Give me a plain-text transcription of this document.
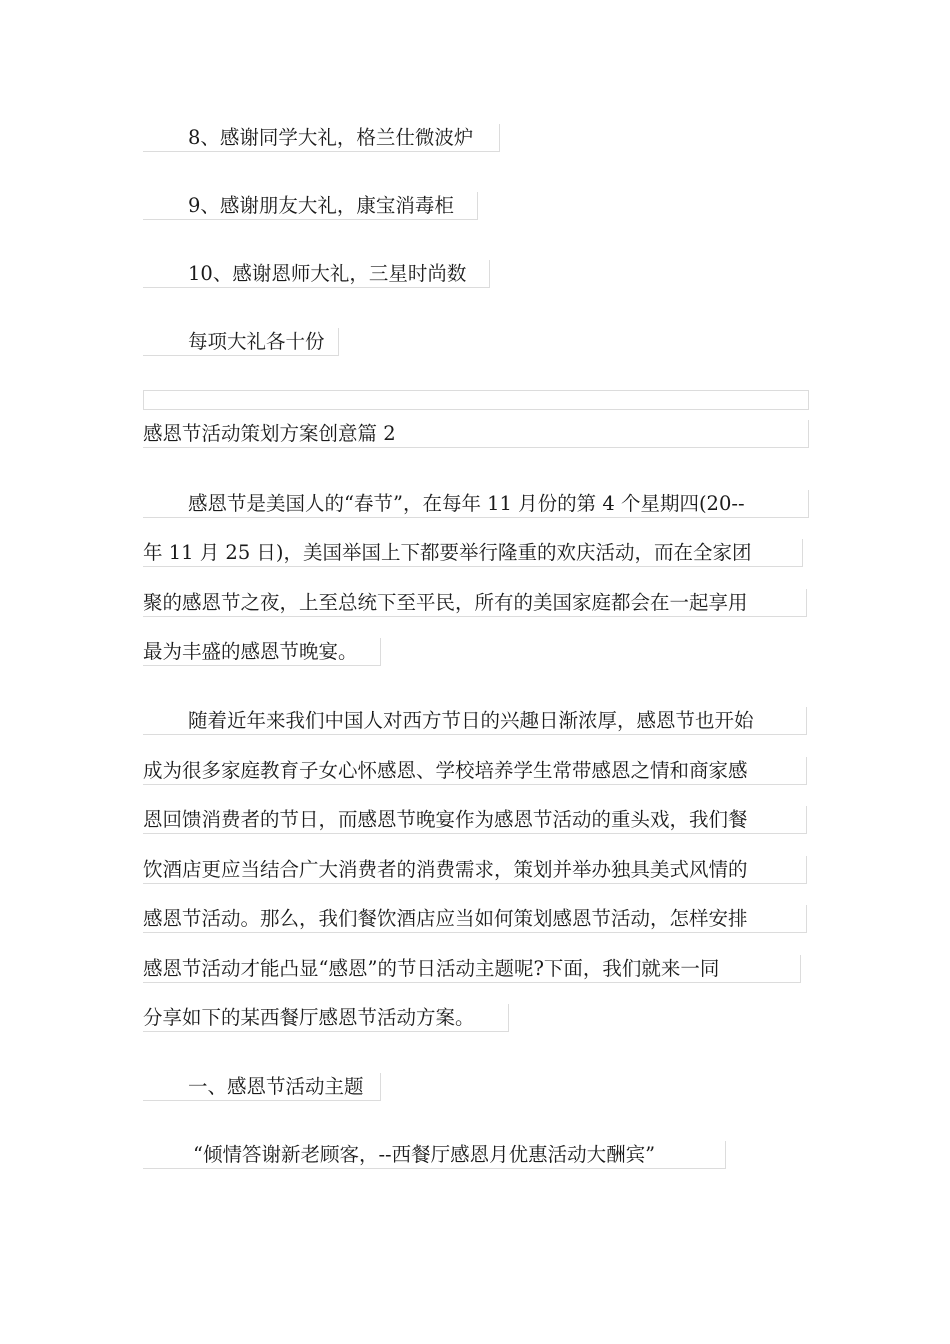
8、感谢同学大礼，格兰仕微波炉
9、感谢朋友大礼，康宝消毒柜
10、感谢恩师大礼，三星时尚数
每项大礼各十份
感恩节活动策划方案创意篇 2
感恩节是美国人的“春节”，在每年 11 月份的第 4 个星期四(20--
年 11 月 25 日)，美国举国上下都要举行隆重的欢庆活动，而在全家团
聚的感恩节之夜，上至总统下至平民，所有的美国家庭都会在一起享用
最为丰盛的感恩节晚宴。
随着近年来我们中国人对西方节日的兴趣日渐浓厚，感恩节也开始
成为很多家庭教育子女心怀感恩、学校培养学生常带感恩之情和商家感
恩回馈消费者的节日，而感恩节晚宴作为感恩节活动的重头戏，我们餐
饮酒店更应当结合广大消费者的消费需求，策划并举办独具美式风情的
感恩节活动。那么，我们餐饮酒店应当如何策划感恩节活动，怎样安排
感恩节活动才能凸显“感恩”的节日活动主题呢?下面，我们就来一同
分享如下的某西餐厅感恩节活动方案。
一、感恩节活动主题
“倾情答谢新老顾客，--西餐厅感恩月优惠活动大酬宾”
